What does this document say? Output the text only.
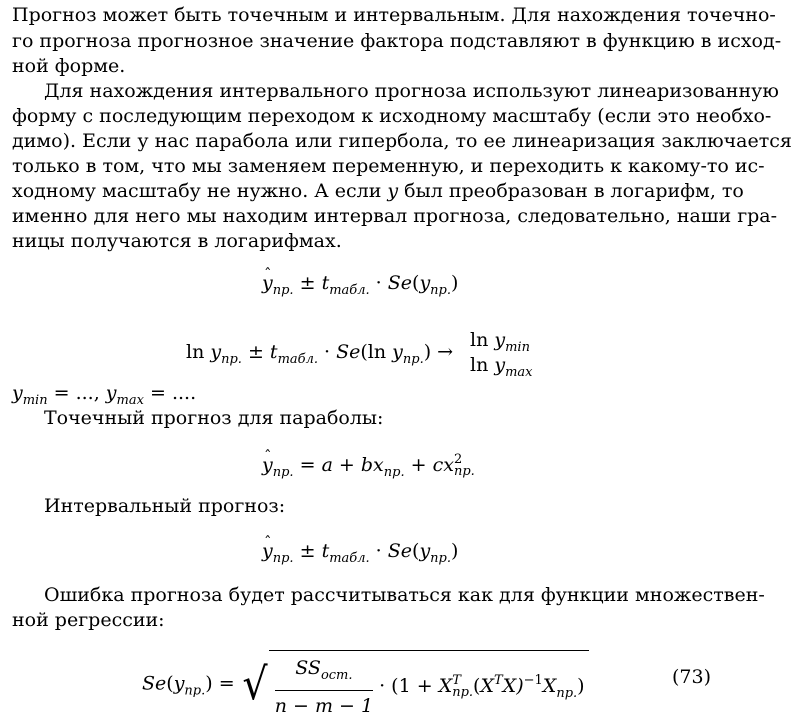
Прогноз может быть точечным и интервальным. Для нахождения точечно-
го прогноза прогнозное значение фактора подставляют в функцию в исход-
ной форме.
Для нахождения интервального прогноза используют линеаризованную
форму с последующим переходом к исходному масштабу (если это необхо-
димо). Если у нас парабола или гипербола, то ее линеаризация заключается
только в том, что мы заменяем переменную, и переходить к какому-то ис-
ходному масштабу не нужно. А если y был преобразован в логарифм, то
именно для него мы находим интервал прогноза, следовательно, наши гра-
ницы получаются в логарифмах.
ˆ $y_{пр.} \pm t_{табл.} \cdot Se(y_{пр.})$
$\ln y_{пр.} \pm t_{табл.} \cdot Se(\ln$ $y_{пр.}$) →
$\ln y_{min}$
$\ln y_{max}$
$y_{min}$ = ..., $y_{max}$ = ....
Точечный прогноз для параболы:
ˆ $y_{пр.} = a + bx_{пр.}$ + cx 2
пр.
Интервальный прогноз:
ˆ $y_{пр.} \pm t_{табл.} \cdot Se(y_{пр.})$
Ошибка прогноза будет рассчитываться как для функции множествен-
ной регрессии:
$Se(y_{пр.})$ = √ $\frac{SS_{ост.}}{n - m - 1} \cdot (1 + X$ T
пр. $(X^TX)^{-1}X_{пр.}$)	(73)
